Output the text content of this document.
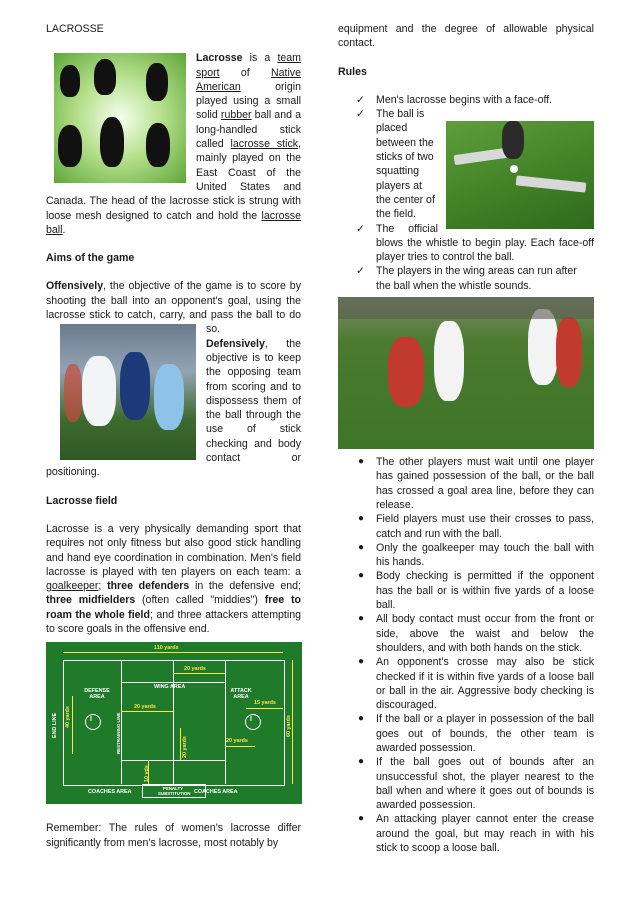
LACROSSE

Lacrosse is a team sport of Native American origin played using a small solid rubber ball and a long-handled stick called lacrosse stick, mainly played on the East Coast of the United States and Canada. The head of the lacrosse stick is strung with loose mesh designed to catch and hold the lacrosse ball.

Aims of the game

Offensively, the objective of the game is to score by shooting the ball into an opponent's goal, using the lacrosse stick to catch, carry, and pass the ball to do so.
Defensively, the objective is to keep the opposing team from scoring and to dispossess them of the ball through the use of stick checking and body contact or positioning.

Lacrosse field

Lacrosse is a very physically demanding sport that requires not only fitness but also good stick handling and hand eye coordination in combination. Men's field lacrosse is played with ten players on each team: a goalkeeper; three defenders in the defensive end; three midfielders (often called "middies") free to roam the whole field; and three attackers attempting to score goals in the offensive end.

110 yards
20 yards
WING AREA
DEFENSE AREA
ATTACK AREA
15 yards
20 yards
40 yards	60 yards
20 yards	20 yards
10 yds
END LINE	RESTRAINING LINE
COACHES AREA
PENALTY SUBSTITUTION COACHES AREA
I	I

Remember: The rules of women's lacrosse differ significantly from men's lacrosse, most notably by

equipment and the degree of allowable physical contact.

Rules

✓ Men's lacrosse begins with a face-off.
✓ The ball is placed between the sticks of two squatting players at the center of the field.
✓ The official blows the whistle to begin play. Each face-off player tries to control the ball.
✓ The players in the wing areas can run after the ball when the whistle sounds.
● The other players must wait until one player has gained possession of the ball, or the ball has crossed a goal area line, before they can release.
● Field players must use their crosses to pass, catch and run with the ball.
● Only the goalkeeper may touch the ball with his hands.
● Body checking is permitted if the opponent has the ball or is within five yards of a loose ball.
● All body contact must occur from the front or side, above the waist and below the shoulders, and with both hands on the stick.
● An opponent's crosse may also be stick checked if it is within five yards of a loose ball or ball in the air. Aggressive body checking is discouraged.
● If the ball or a player in possession of the ball goes out of bounds, the other team is awarded possession.
● If the ball goes out of bounds after an unsuccessful shot, the player nearest to the ball when and where it goes out of bounds is awarded possession.
● An attacking player cannot enter the crease around the goal, but may reach in with his stick to scoop a loose ball.
